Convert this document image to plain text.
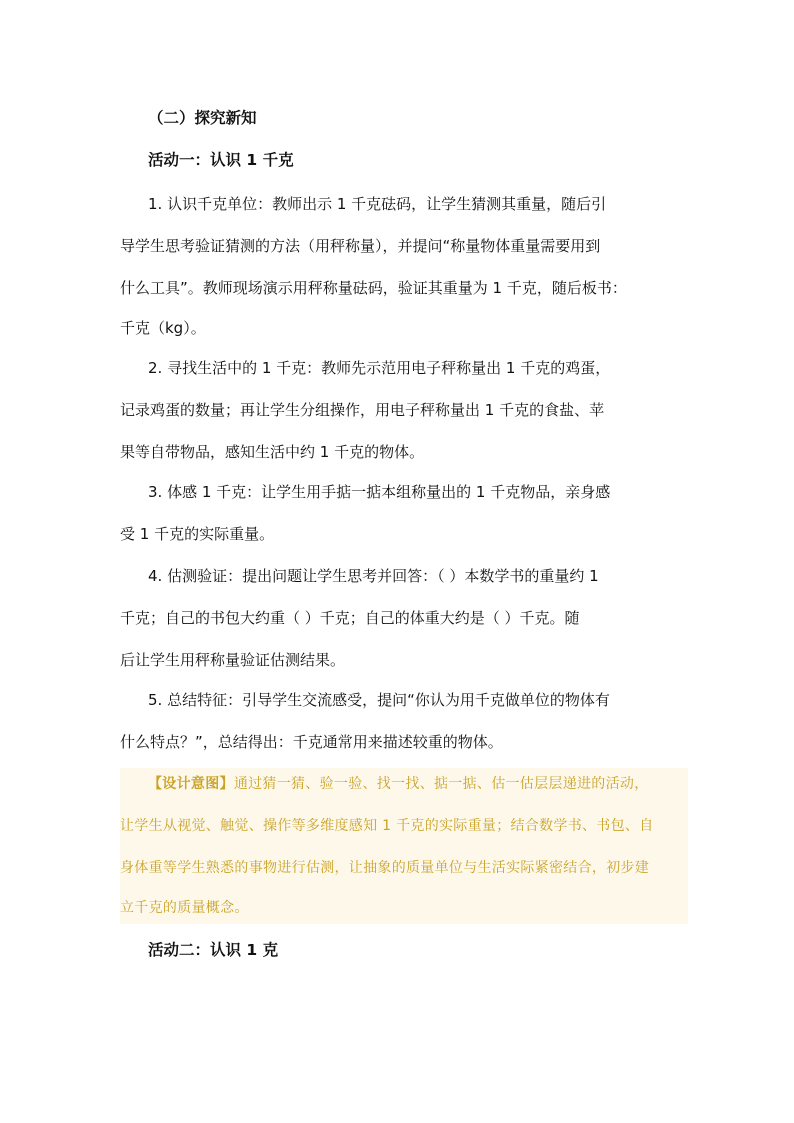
（二）探究新知
活动一：认识 1 千克
1. 认识千克单位：教师出示 1 千克砝码，让学生猜测其重量，随后引
导学生思考验证猜测的方法（用秤称量），并提问“称量物体重量需要用到
什么工具”。教师现场演示用秤称量砝码，验证其重量为 1 千克，随后板书：
千克（kg）。
2. 寻找生活中的 1 千克：教师先示范用电子秤称量出 1 千克的鸡蛋，
记录鸡蛋的数量；再让学生分组操作，用电子秤称量出 1 千克的食盐、苹
果等自带物品，感知生活中约 1 千克的物体。
3. 体感 1 千克：让学生用手掂一掂本组称量出的 1 千克物品，亲身感
受 1 千克的实际重量。
4. 估测验证：提出问题让学生思考并回答：（ ）本数学书的重量约 1
千克；自己的书包大约重（ ）千克；自己的体重大约是（ ）千克。随
后让学生用秤称量验证估测结果。
5. 总结特征：引导学生交流感受，提问“你认为用千克做单位的物体有
什么特点？”，总结得出：千克通常用来描述较重的物体。
【设计意图】通过猜一猜、验一验、找一找、掂一掂、估一估层层递进的活动，
让学生从视觉、触觉、操作等多维度感知 1 千克的实际重量；结合数学书、书包、自
身体重等学生熟悉的事物进行估测，让抽象的质量单位与生活实际紧密结合，初步建
立千克的质量概念。
活动二：认识 1 克
